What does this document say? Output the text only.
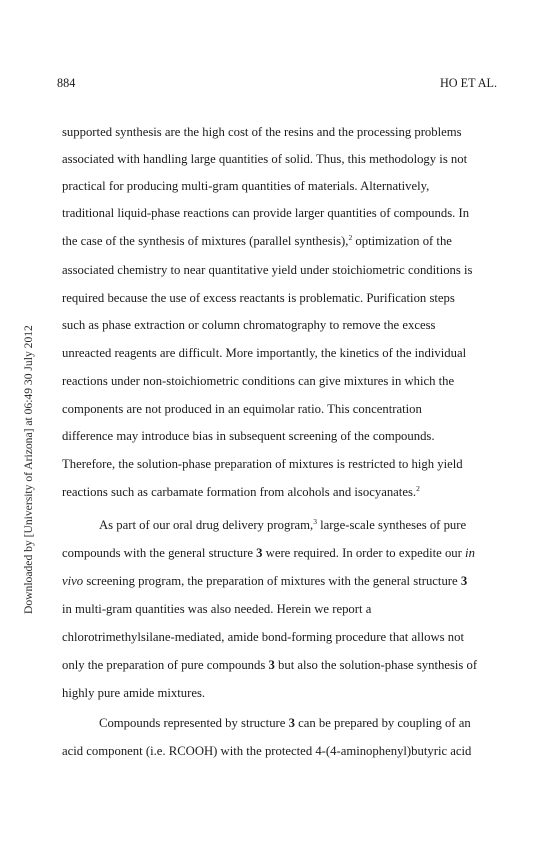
884	HO ET AL.
Downloaded by [University of Arizona] at 06:49 30 July 2012
supported synthesis are the high cost of the resins and the processing problems
associated with handling large quantities of solid. Thus, this methodology is not
practical for producing multi-gram quantities of materials. Alternatively,
traditional liquid-phase reactions can provide larger quantities of compounds. In
the case of the synthesis of mixtures (parallel synthesis),$^2$ optimization of the
associated chemistry to near quantitative yield under stoichiometric conditions is
required because the use of excess reactants is problematic. Purification steps
such as phase extraction or column chromatography to remove the excess
unreacted reagents are difficult. More importantly, the kinetics of the individual
reactions under non-stoichiometric conditions can give mixtures in which the
components are not produced in an equimolar ratio. This concentration
difference may introduce bias in subsequent screening of the compounds.
Therefore, the solution-phase preparation of mixtures is restricted to high yield
reactions such as carbamate formation from alcohols and isocyanates.$^2$
As part of our oral drug delivery program,$^3$ large-scale syntheses of pure
compounds with the general structure 3 were required. In order to expedite our in
vivo screening program, the preparation of mixtures with the general structure 3
in multi-gram quantities was also needed. Herein we report a
chlorotrimethylsilane-mediated, amide bond-forming procedure that allows not
only the preparation of pure compounds 3 but also the solution-phase synthesis of
highly pure amide mixtures.
Compounds represented by structure 3 can be prepared by coupling of an
acid component (i.e. RCOOH) with the protected 4-(4-aminophenyl)butyric acid
